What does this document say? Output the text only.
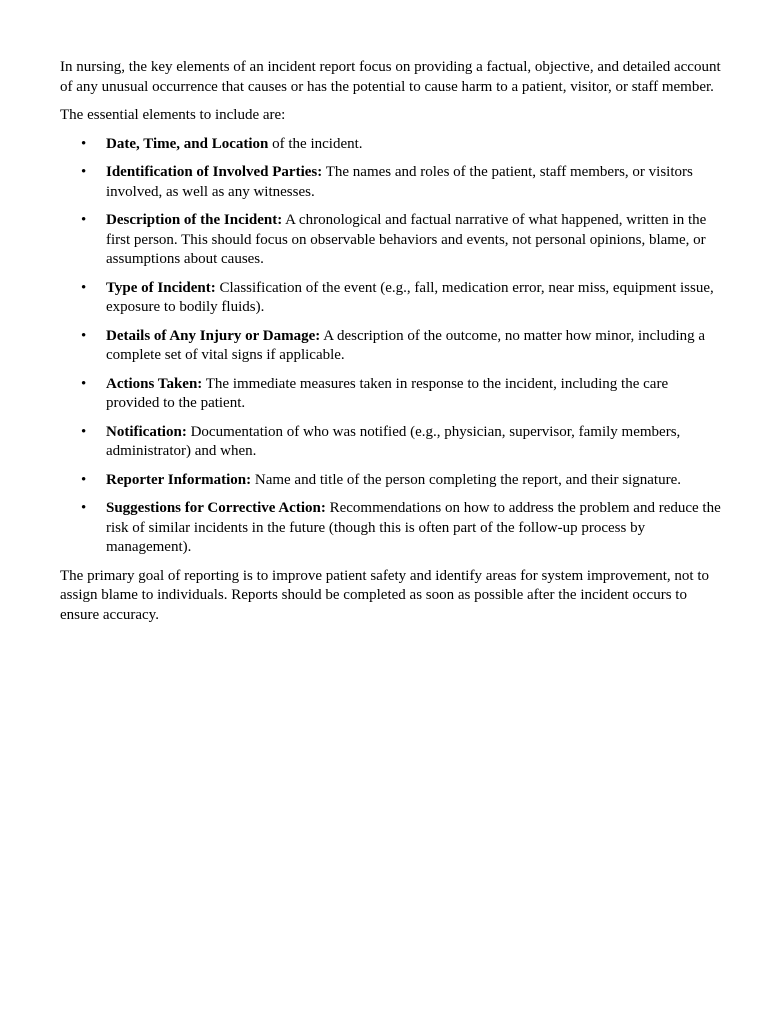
In nursing, the key elements of an incident report focus on providing a factual, objective, and detailed account of any unusual occurrence that causes or has the potential to cause harm to a patient, visitor, or staff member.

The essential elements to include are:

• Date, Time, and Location of the incident.
• Identification of Involved Parties: The names and roles of the patient, staff members, or visitors involved, as well as any witnesses.
• Description of the Incident: A chronological and factual narrative of what happened, written in the first person. This should focus on observable behaviors and events, not personal opinions, blame, or assumptions about causes.
• Type of Incident: Classification of the event (e.g., fall, medication error, near miss, equipment issue, exposure to bodily fluids).
• Details of Any Injury or Damage: A description of the outcome, no matter how minor, including a complete set of vital signs if applicable.
• Actions Taken: The immediate measures taken in response to the incident, including the care provided to the patient.
• Notification: Documentation of who was notified (e.g., physician, supervisor, family members, administrator) and when.
• Reporter Information: Name and title of the person completing the report, and their signature.
• Suggestions for Corrective Action: Recommendations on how to address the problem and reduce the risk of similar incidents in the future (though this is often part of the follow-up process by management).

The primary goal of reporting is to improve patient safety and identify areas for system improvement, not to assign blame to individuals. Reports should be completed as soon as possible after the incident occurs to ensure accuracy.
